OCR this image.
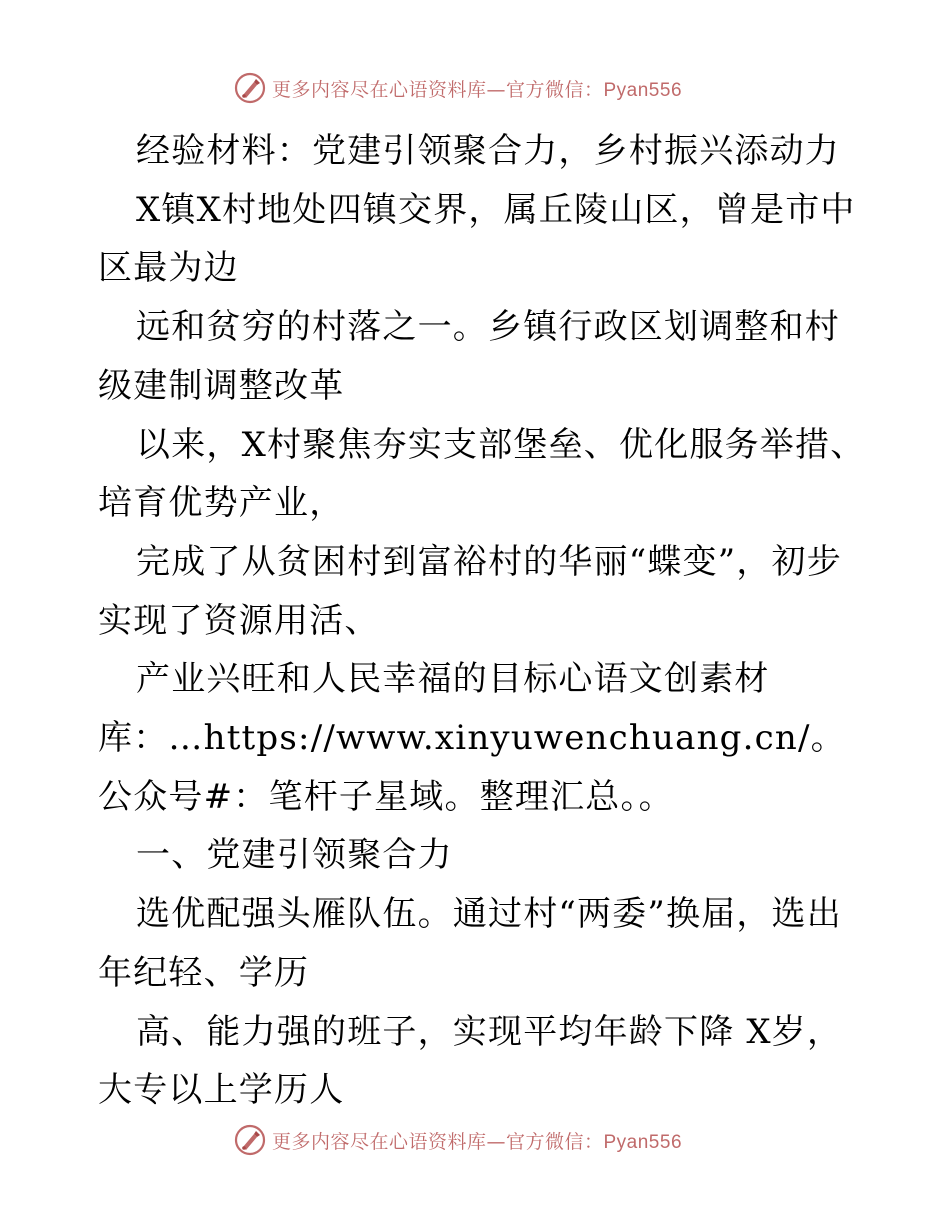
更多内容尽在心语资料库—官方微信：Pyan556

经验材料：党建引领聚合力，乡村振兴添动力

X镇X村地处四镇交界，属丘陵山区，曾是市中区最为边

远和贫穷的村落之一。乡镇行政区划调整和村级建制调整改革

以来，X村聚焦夯实支部堡垒、优化服务举措、培育优势产业，

完成了从贫困村到富裕村的华丽“蝶变”，初步实现了资源用活、

产业兴旺和人民幸福的目标心语文创素材库：…https://www.xinyuwenchuang.cn/。公众号#：笔杆子星域。整理汇总。。

一、党建引领聚合力

选优配强头雁队伍。通过村“两委”换届，选出年纪轻、学历

高、能力强的班子，实现平均年龄下降 X岁，大专以上学历人

更多内容尽在心语资料库—官方微信：Pyan556
